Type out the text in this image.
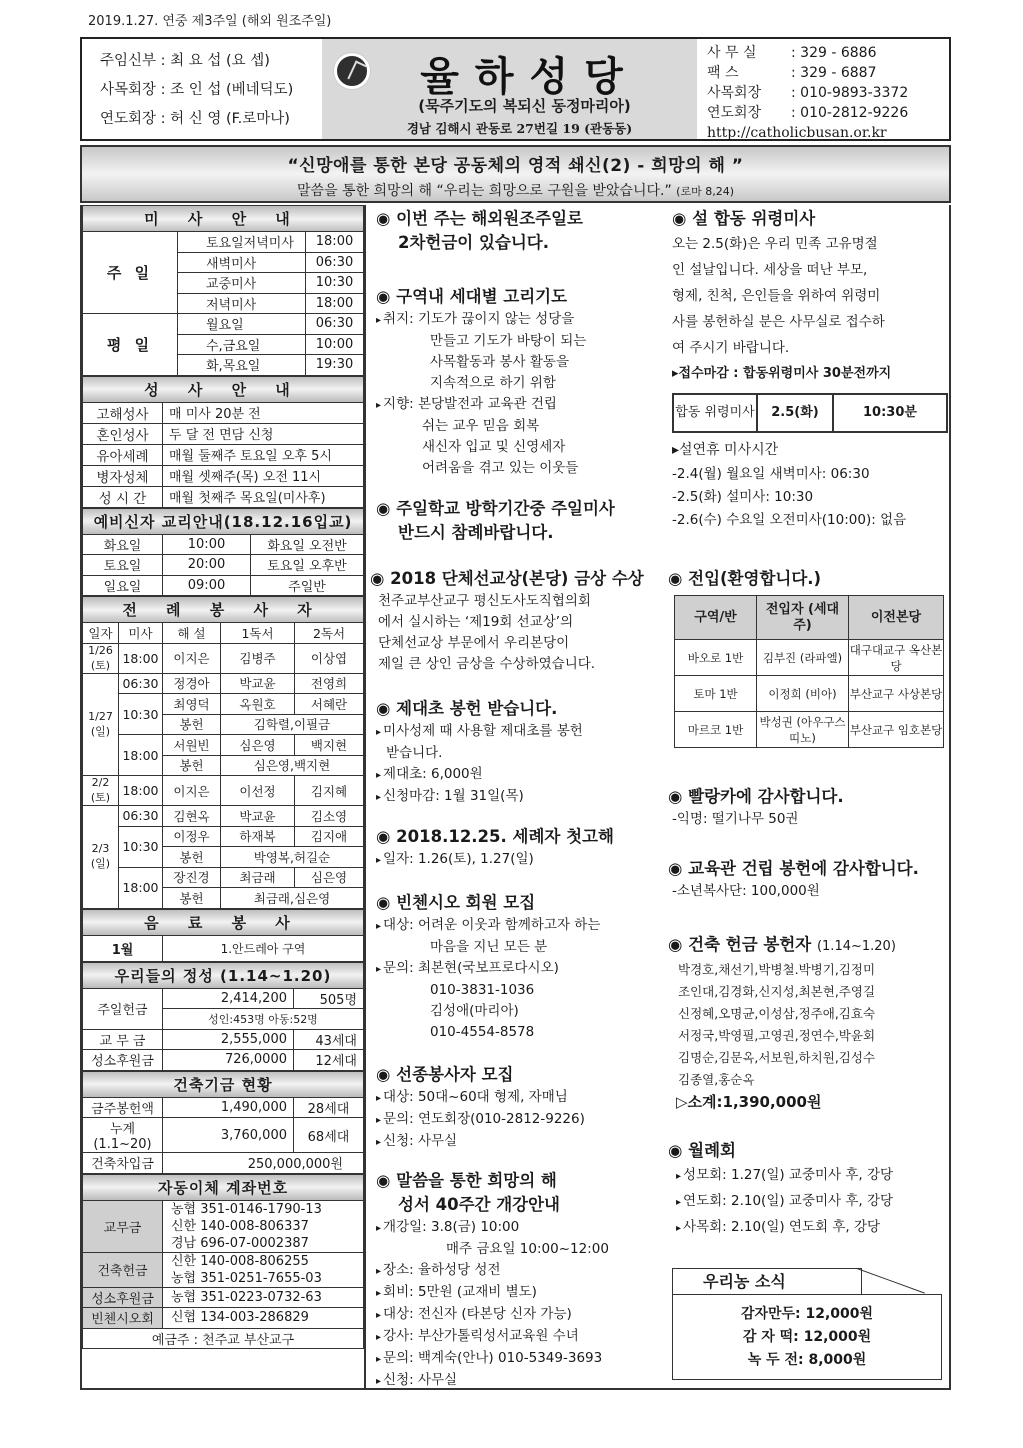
2019.1.27. 연중 제3주일 (해외 원조주일)
주임신부 : 최 요 섭 (요 셉)
사목회장 : 조 인 섭 (베네딕도)
연도회장 : 허 신 영 (F.로마나)
율하성당
(묵주기도의 복되신 동정마리아)
경남 김해시 관동로 27번길 19 (관동동)
사 무 실	: 329 - 6886
팩 스	: 329 - 6887
사목회장	: 010-9893-3372
연도회장	: 010-2812-9226
http://catholicbusan.or.kr
“신망애를 통한 본당 공동체의 영적 쇄신(2) - 희망의 해 ”
말씀을 통한 희망의 해 “우리는 희망으로 구원을 받았습니다.” (로마 8,24)
미 사 안 내		
주 일	토요일저녁미사	18:00
	새벽미사	06:30
	교중미사	10:30
	저녁미사	18:00
평 일	월요일	06:30
	수,금요일	10:00
	화,목요일	19:30
성 사 안 내	
고해성사	매 미사 20분 전
혼인성사	두 달 전 면담 신청
유아세례	매월 둘째주 토요일 오후 5시
병자성체	매월 셋째주(목) 오전 11시
성 시 간	매월 첫째주 목요일(미사후)
예비신자 교리안내(18.12.16입교)		
화요일	10:00	화요일 오전반
토요일	20:00	토요일 오후반
일요일	09:00	주일반
전 례 봉 사 자				
일자	미사	해 설	1독서	2독서
1/26 (토)	18:00	이지은	김병주	이상엽
1/27 (일)	06:30	정경아	박교윤	전영희
	10:30	최영덕	옥원호	서혜란
		봉헌	김학렬,이필금	
	18:00	서원빈	심은영	백지현
		봉헌	심은영,백지현	
2/2 (토)	18:00	이지은	이선정	김지혜
2/3 (일)	06:30	김현옥	박교윤	김소영
	10:30	이정우	하재복	김지애
		봉헌	박영복,허길순	
	18:00	장진경	최금래	심은영
		봉헌	최금래,심은영	
음 료 봉 사
1월	1.안드레아 구역
우리들의 정성 (1.14~1.20)		
주일헌금	2,414,200	505명
	성인:453명 아동:52명	
교 무 금	2,555,000	43세대
성소후원금	726,0000	12세대
건축기금 현황		
금주봉헌액	1,490,000	28세대
누계(1.1~20)	3,760,000	68세대
건축차입금	250,000,000원	
자동이체 계좌번호	
교무금	농협 351-0146-1790-13
신한 140-008-806337
경남 696-07-0002387

건축헌금	신한 140-008-806255
농협 351-0251-7655-03

성소후원금	농협 351-0223-0732-63
빈첸시오회	신협 134-003-286829
예금주 : 천주교 부산교구	
◉ 이번 주는 해외원조주일로
2차헌금이 있습니다.
◉ 구역내 세대별 고리기도
▸ 취지: 기도가 끊이지 않는 성당을
만들고 기도가 바탕이 되는
사목활동과 봉사 활동을
지속적으로 하기 위함
▸ 지향: 본당발전과 교육관 건립
쉬는 교우 믿음 회복
새신자 입교 및 신영세자
어려움을 겪고 있는 이웃들
◉ 주일학교 방학기간중 주일미사
반드시 참례바랍니다.
◉ 2018 단체선교상(본당) 금상 수상
천주교부산교구 평신도사도직협의회
에서 실시하는 ‘제19회 선교상’의
단체선교상 부문에서 우리본당이
제일 큰 상인 금상을 수상하였습니다.
◉ 제대초 봉헌 받습니다.
▸ 미사성제 때 사용할 제대초를 봉헌
받습니다.
▸ 제대초: 6,000원
▸ 신청마감: 1월 31일(목)
◉ 2018.12.25. 세례자 첫고해
▸ 일자: 1.26(토), 1.27(일)
◉ 빈첸시오 회원 모집
▸ 대상: 어려운 이웃과 함께하고자 하는
마음을 지닌 모든 분
▸ 문의: 최본현(국보프로다시오)
010-3831-1036
김성애(마리아)
010-4554-8578
◉ 선종봉사자 모집
▸ 대상: 50대~60대 형제, 자매님
▸ 문의: 연도회장(010-2812-9226)
▸ 신청: 사무실
◉ 말씀을 통한 희망의 해
성서 40주간 개강안내
▸ 개강일: 3.8(금) 10:00
매주 금요일 10:00~12:00
▸ 장소: 율하성당 성전
▸ 회비: 5만원 (교재비 별도)
▸ 대상: 전신자 (타본당 신자 가능)
▸ 강사: 부산가톨릭성서교육원 수녀
▸ 문의: 백계숙(안나) 010-5349-3693
▸ 신청: 사무실
◉ 설 합동 위령미사
오는 2.5(화)은 우리 민족 고유명절
인 설날입니다. 세상을 떠난 부모,
형제, 친척, 은인들을 위하여 위령미
사를 봉헌하실 분은 사무실로 접수하
여 주시기 바랍니다.
▸접수마감 : 합동위령미사 30분전까지
합동 위령미사	2.5(화)	10:30분
▸설연휴 미사시간
-2.4(월) 월요일 새벽미사: 06:30
-2.5(화) 설미사: 10:30
-2.6(수) 수요일 오전미사(10:00): 없음
◉ 전입(환영합니다.)
구역/반	전입자 (세대주)	이전본당
바오로 1반	김부진 (라파엘)	대구대교구 옥산본당
토마 1반	이정희 (비아)	부산교구 사상본당
마르코 1반	박성권 (아우구스띠노)	부산교구 임호본당
◉ 빨랑카에 감사합니다.
-익명: 떨기나무 50권
◉ 교육관 건립 봉헌에 감사합니다.
-소년복사단: 100,000원
◉ 건축 헌금 봉헌자 (1.14~1.20)
박경호,채선기,박병철.박병기,김정미
조인대,김경화,신지성,최본현,주영길
신정혜,오명균,이성삼,정주애,김효숙
서정국,박영필,고영권,정연수,박윤회
김명순,김문옥,서보원,하치원,김성수
김종열,홍순옥
▷소계:1,390,000원
◉ 월례회
▸ 성모회: 1.27(일) 교중미사 후, 강당
▸ 연도회: 2.10(일) 교중미사 후, 강당
▸ 사목회: 2.10(일) 연도회 후, 강당
우리농 소식
감자만두: 12,000원
감 자 떡: 12,000원
녹 두 전: 8,000원
